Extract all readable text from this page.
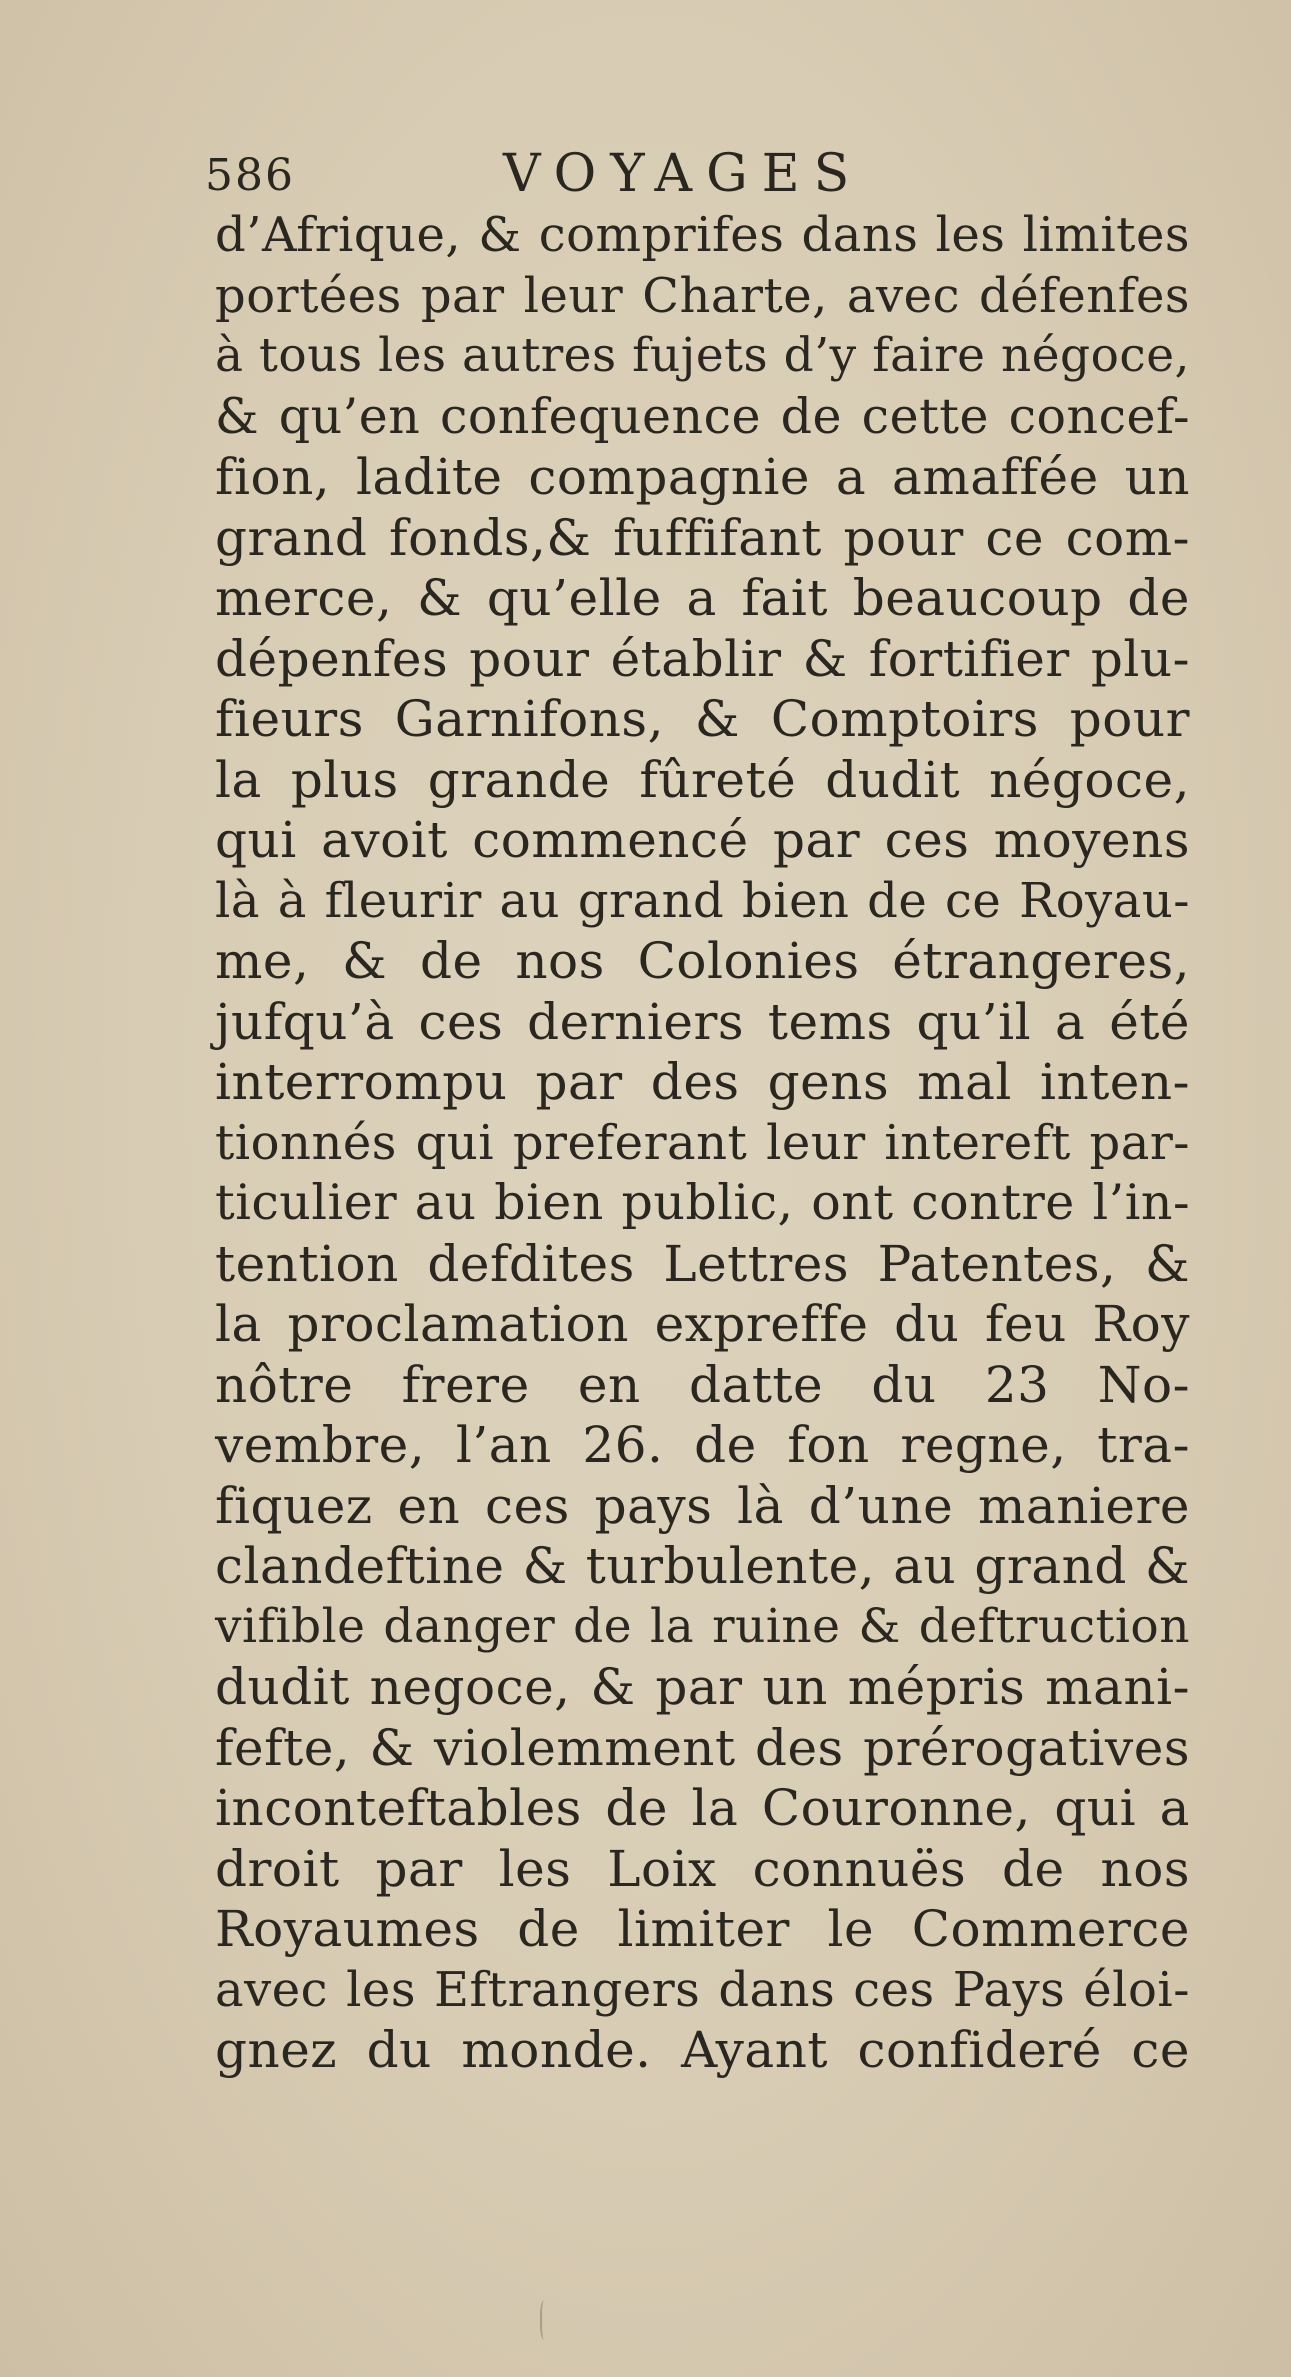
586	VOYAGES
d’Afrique, & comprifes dans les limites
portées par leur Charte, avec défenfes
à tous les autres fujets d’y faire négoce,
& qu’en confequence de cette concef-
fion, ladite compagnie a amaffée un
grand fonds,& fuffifant pour ce com-
merce, & qu’elle a fait beaucoup de
dépenfes pour établir & fortifier plu-
fieurs Garnifons, & Comptoirs pour
la plus grande fûreté dudit négoce,
qui avoit commencé par ces moyens
là à fleurir au grand bien de ce Royau-
me, & de nos Colonies étrangeres,
jufqu’à ces derniers tems qu’il a été
interrompu par des gens mal inten-
tionnés qui preferant leur intereft par-
ticulier au bien public, ont contre l’in-
tention defdites Lettres Patentes, &
la proclamation expreffe du feu Roy
nôtre frere en datte du 23 No-
vembre, l’an 26. de fon regne, tra-
fiquez en ces pays là d’une maniere
clandeftine & turbulente, au grand &
vifible danger de la ruine & deftruction
dudit negoce, & par un mépris mani-
fefte, & violemment des prérogatives
inconteftables de la Couronne, qui a
droit par les Loix connuës de nos
Royaumes de limiter le Commerce
avec les Eftrangers dans ces Pays éloi-
gnez du monde. Ayant confideré ce
